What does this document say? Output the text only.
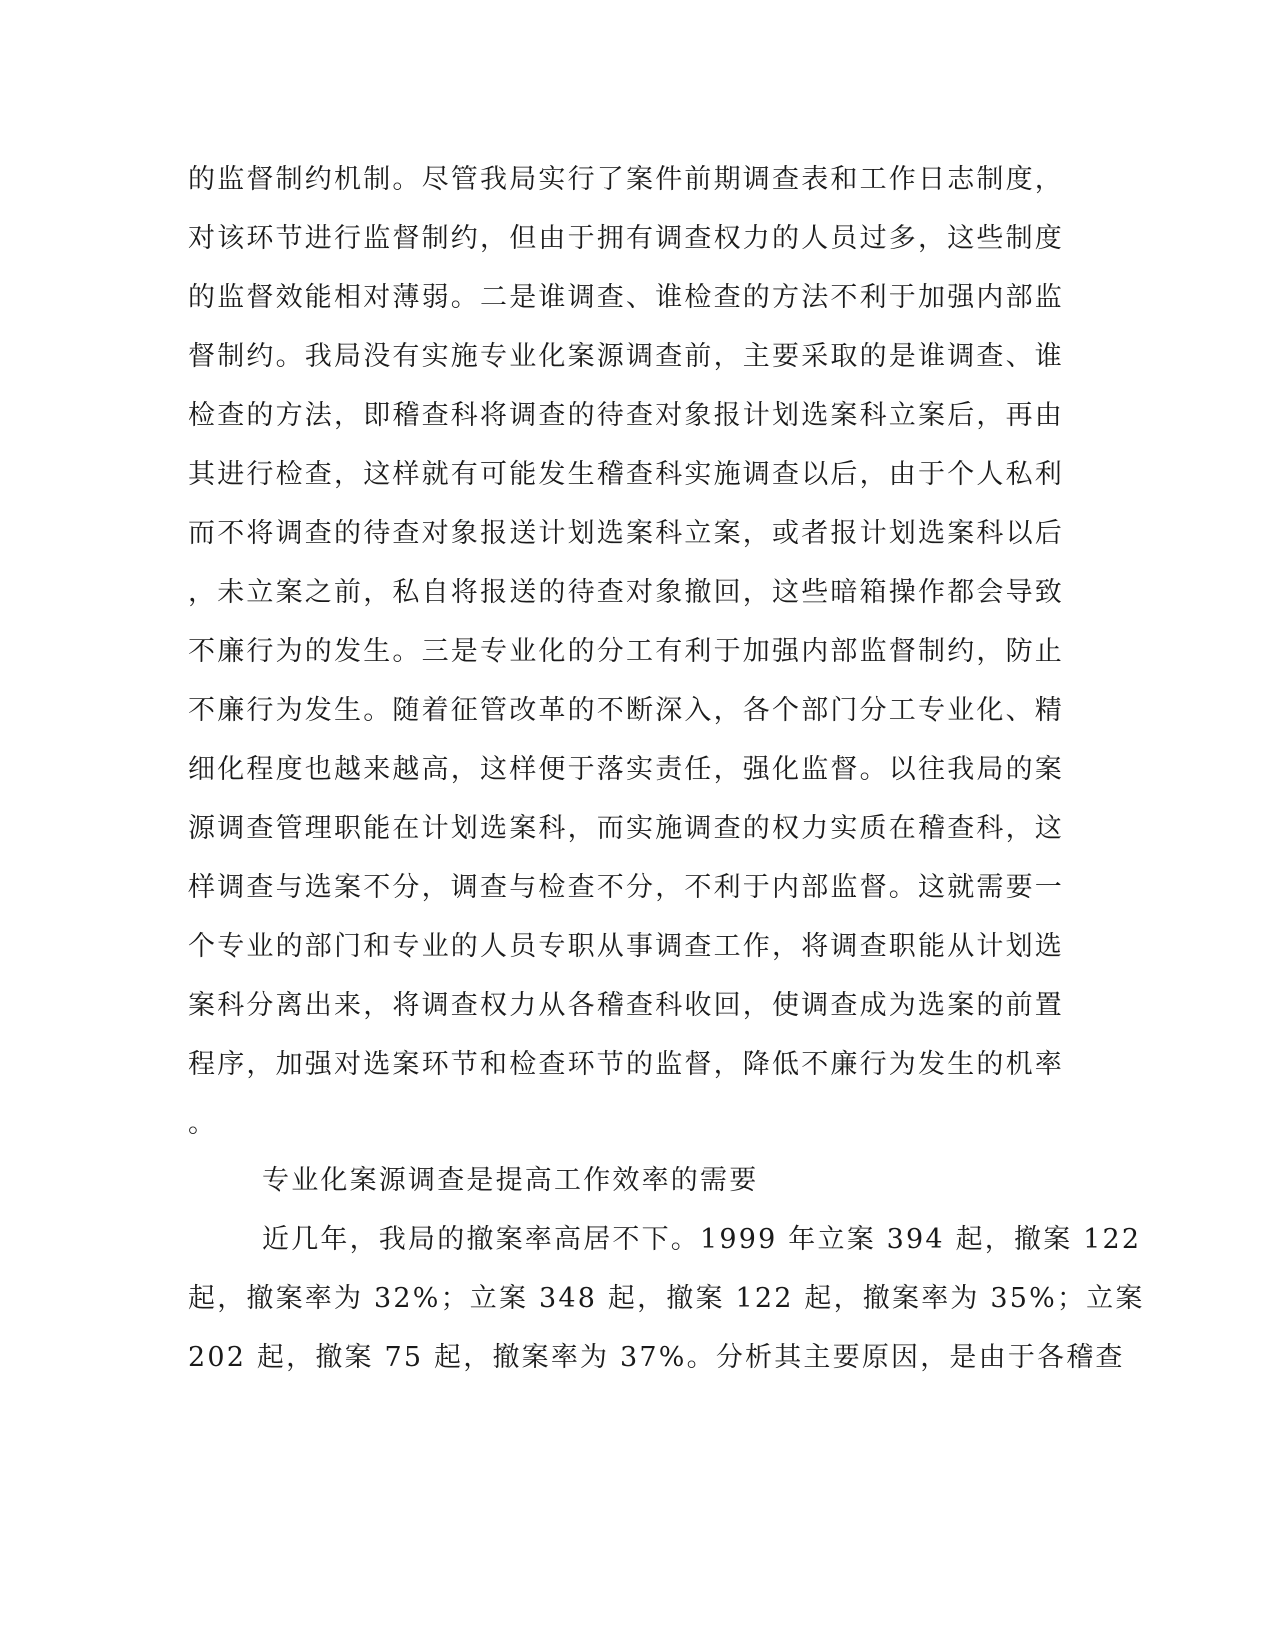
的监督制约机制。尽管我局实行了案件前期调查表和工作日志制度，
对该环节进行监督制约，但由于拥有调查权力的人员过多，这些制度
的监督效能相对薄弱。二是谁调查、谁检查的方法不利于加强内部监
督制约。我局没有实施专业化案源调查前，主要采取的是谁调查、谁
检查的方法，即稽查科将调查的待查对象报计划选案科立案后，再由
其进行检查，这样就有可能发生稽查科实施调查以后，由于个人私利
而不将调查的待查对象报送计划选案科立案，或者报计划选案科以后
，未立案之前，私自将报送的待查对象撤回，这些暗箱操作都会导致
不廉行为的发生。三是专业化的分工有利于加强内部监督制约，防止
不廉行为发生。随着征管改革的不断深入，各个部门分工专业化、精
细化程度也越来越高，这样便于落实责任，强化监督。以往我局的案
源调查管理职能在计划选案科，而实施调查的权力实质在稽查科，这
样调查与选案不分，调查与检查不分，不利于内部监督。这就需要一
个专业的部门和专业的人员专职从事调查工作，将调查职能从计划选
案科分离出来，将调查权力从各稽查科收回，使调查成为选案的前置
程序，加强对选案环节和检查环节的监督，降低不廉行为发生的机率
。
专业化案源调查是提高工作效率的需要
近几年，我局的撤案率高居不下。1999 年立案 394 起，撤案 122
起，撤案率为 32%；立案 348 起，撤案 122 起，撤案率为 35%；立案
202 起，撤案 75 起，撤案率为 37%。分析其主要原因，是由于各稽查
